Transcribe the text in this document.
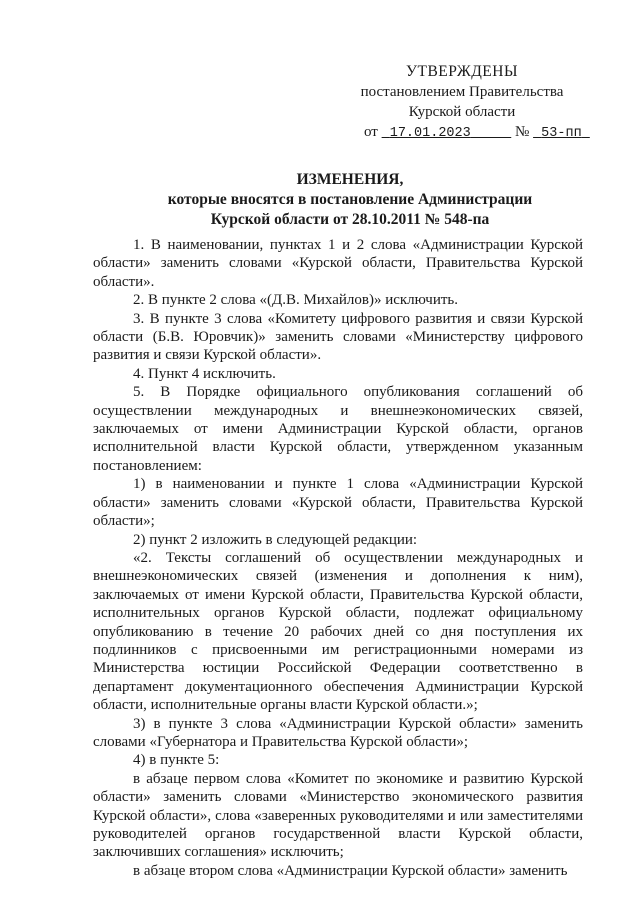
УТВЕРЖДЕНЫ
постановлением Правительства
Курской области
от 17.01.2023	№ 53-пп
ИЗМЕНЕНИЯ,
которые вносятся в постановление Администрации
Курской области от 28.10.2011 № 548-па

1. В наименовании, пунктах 1 и 2 слова «Администрации Курской области» заменить словами «Курской области, Правительства Курской области».

2. В пункте 2 слова «(Д.В. Михайлов)» исключить.

3. В пункте 3 слова «Комитету цифрового развития и связи Курской области (Б.В. Юровчик)» заменить словами «Министерству цифрового развития и связи Курской области».

4. Пункт 4 исключить.

5. В Порядке официального опубликования соглашений об осуществлении международных и внешнеэкономических связей, заключаемых от имени Администрации Курской области, органов исполнительной власти Курской области, утвержденном указанным постановлением:

1) в наименовании и пункте 1 слова «Администрации Курской области» заменить словами «Курской области, Правительства Курской области»;

2) пункт 2 изложить в следующей редакции:

«2. Тексты соглашений об осуществлении международных и внешнеэкономических связей (изменения и дополнения к ним), заключаемых от имени Курской области, Правительства Курской области, исполнительных органов Курской области, подлежат официальному опубликованию в течение 20 рабочих дней со дня поступления их подлинников с присвоенными им регистрационными номерами из Министерства юстиции Российской Федерации соответственно в департамент документационного обеспечения Администрации Курской области, исполнительные органы власти Курской области.»;

3) в пункте 3 слова «Администрации Курской области» заменить словами «Губернатора и Правительства Курской области»;

4) в пункте 5:

в абзаце первом слова «Комитет по экономике и развитию Курской области» заменить словами «Министерство экономического развития Курской области», слова «заверенных руководителями и или заместителями руководителей органов государственной власти Курской области, заключивших соглашения» исключить;

в абзаце втором слова «Администрации Курской области» заменить
